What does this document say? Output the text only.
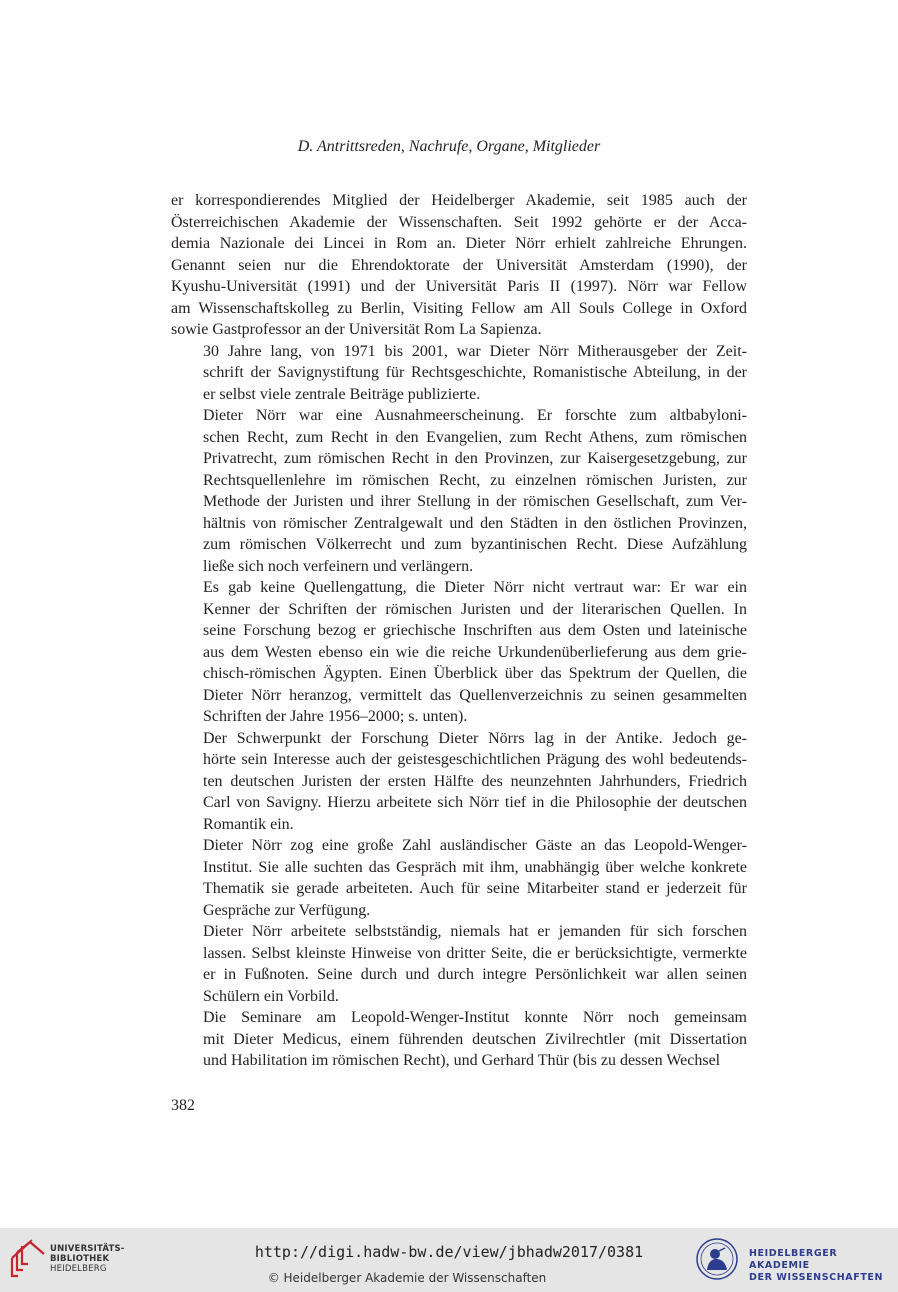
D. Antrittsreden, Nachrufe, Organe, Mitglieder

er korrespondierendes Mitglied der Heidelberger Akademie, seit 1985 auch der
Österreichischen Akademie der Wissenschaften. Seit 1992 gehörte er der Acca-
demia Nazionale dei Lincei in Rom an. Dieter Nörr erhielt zahlreiche Ehrungen.
Genannt seien nur die Ehrendoktorate der Universität Amsterdam (1990), der
Kyushu-Universität (1991) und der Universität Paris II (1997). Nörr war Fellow
am Wissenschaftskolleg zu Berlin, Visiting Fellow am All Souls College in Oxford
sowie Gastprofessor an der Universität Rom La Sapienza.

30 Jahre lang, von 1971 bis 2001, war Dieter Nörr Mitherausgeber der Zeit-
schrift der Savignystiftung für Rechtsgeschichte, Romanistische Abteilung, in der
er selbst viele zentrale Beiträge publizierte.

Dieter Nörr war eine Ausnahmeerscheinung. Er forschte zum altbabyloni-
schen Recht, zum Recht in den Evangelien, zum Recht Athens, zum römischen
Privatrecht, zum römischen Recht in den Provinzen, zur Kaisergesetzgebung, zur
Rechtsquellenlehre im römischen Recht, zu einzelnen römischen Juristen, zur
Methode der Juristen und ihrer Stellung in der römischen Gesellschaft, zum Ver-
hältnis von römischer Zentralgewalt und den Städten in den östlichen Provinzen,
zum römischen Völkerrecht und zum byzantinischen Recht. Diese Aufzählung
ließe sich noch verfeinern und verlängern.

Es gab keine Quellengattung, die Dieter Nörr nicht vertraut war: Er war ein
Kenner der Schriften der römischen Juristen und der literarischen Quellen. In
seine Forschung bezog er griechische Inschriften aus dem Osten und lateinische
aus dem Westen ebenso ein wie die reiche Urkundenüberlieferung aus dem grie-
chisch-römischen Ägypten. Einen Überblick über das Spektrum der Quellen, die
Dieter Nörr heranzog, vermittelt das Quellenverzeichnis zu seinen gesammelten
Schriften der Jahre 1956–2000; s. unten).

Der Schwerpunkt der Forschung Dieter Nörrs lag in der Antike. Jedoch ge-
hörte sein Interesse auch der geistesgeschichtlichen Prägung des wohl bedeutends-
ten deutschen Juristen der ersten Hälfte des neunzehnten Jahrhunders, Friedrich
Carl von Savigny. Hierzu arbeitete sich Nörr tief in die Philosophie der deutschen
Romantik ein.

Dieter Nörr zog eine große Zahl ausländischer Gäste an das Leopold-Wenger-
Institut. Sie alle suchten das Gespräch mit ihm, unabhängig über welche konkrete
Thematik sie gerade arbeiteten. Auch für seine Mitarbeiter stand er jederzeit für
Gespräche zur Verfügung.

Dieter Nörr arbeitete selbstständig, niemals hat er jemanden für sich forschen
lassen. Selbst kleinste Hinweise von dritter Seite, die er berücksichtigte, vermerkte
er in Fußnoten. Seine durch und durch integre Persönlichkeit war allen seinen
Schülern ein Vorbild.

Die Seminare am Leopold-Wenger-Institut konnte Nörr noch gemeinsam
mit Dieter Medicus, einem führenden deutschen Zivilrechtler (mit Dissertation
und Habilitation im römischen Recht), und Gerhard Thür (bis zu dessen Wechsel

382
UNIVERSITÄTS-
BIBLIOTHEK
HEIDELBERG
http://digi.hadw-bw.de/view/jbhadw2017/0381
© Heidelberger Akademie der Wissenschaften
HEIDELBERGER AKADEMIE
DER WISSENSCHAFTEN
